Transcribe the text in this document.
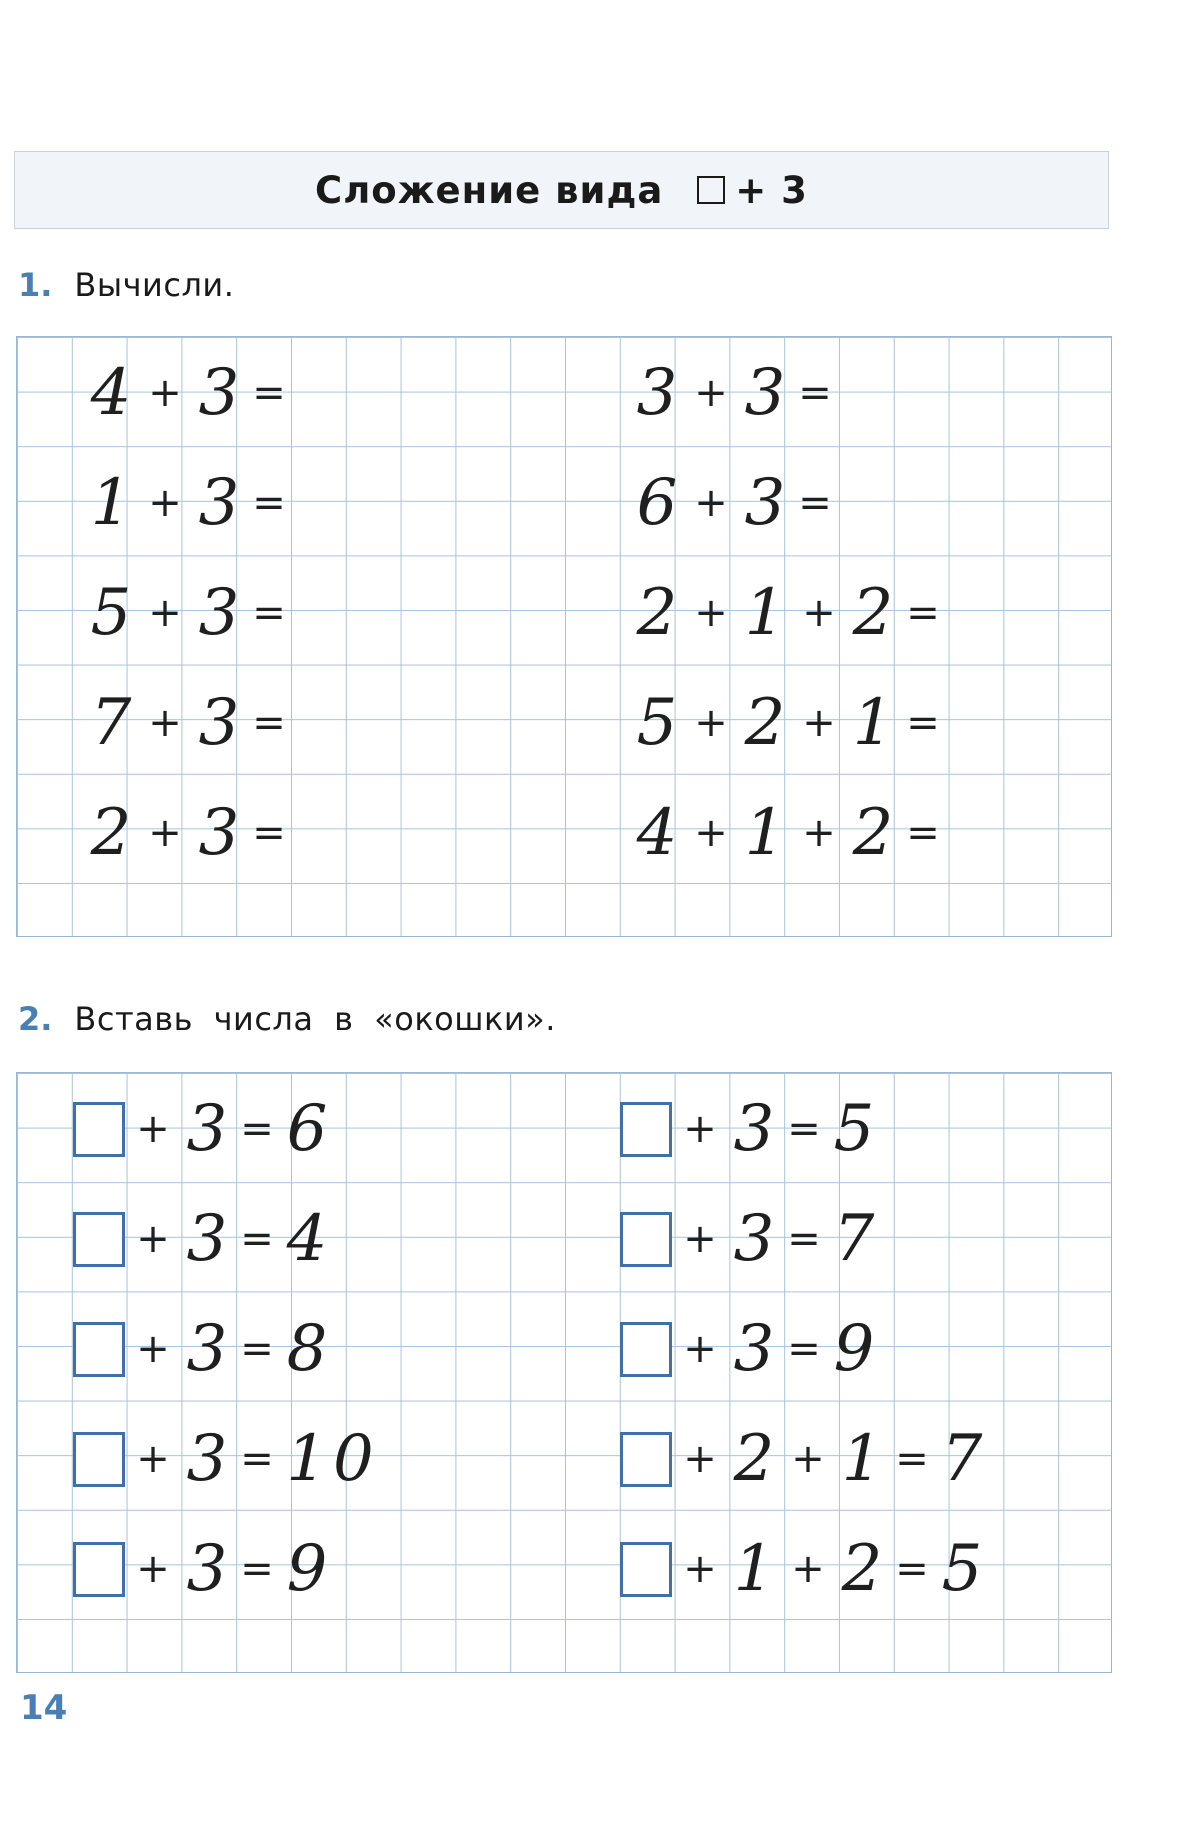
Сложение вида + 3
1. Вычисли.
4 + 3 =
1 + 3 =
5 + 3 =
7 + 3 =
2 + 3 =
3 + 3 =
6 + 3 =
2 + 1 + 2 =
5 + 2 + 1 =
4 + 1 + 2 =
2. Вставь числа в «окошки».
+ 3 = 6
+ 3 = 4
+ 3 = 8
+ 3 = 10
+ 3 = 9
+ 3 = 5
+ 3 = 7
+ 3 = 9
+ 2 + 1 = 7
+ 1 + 2 = 5
14
